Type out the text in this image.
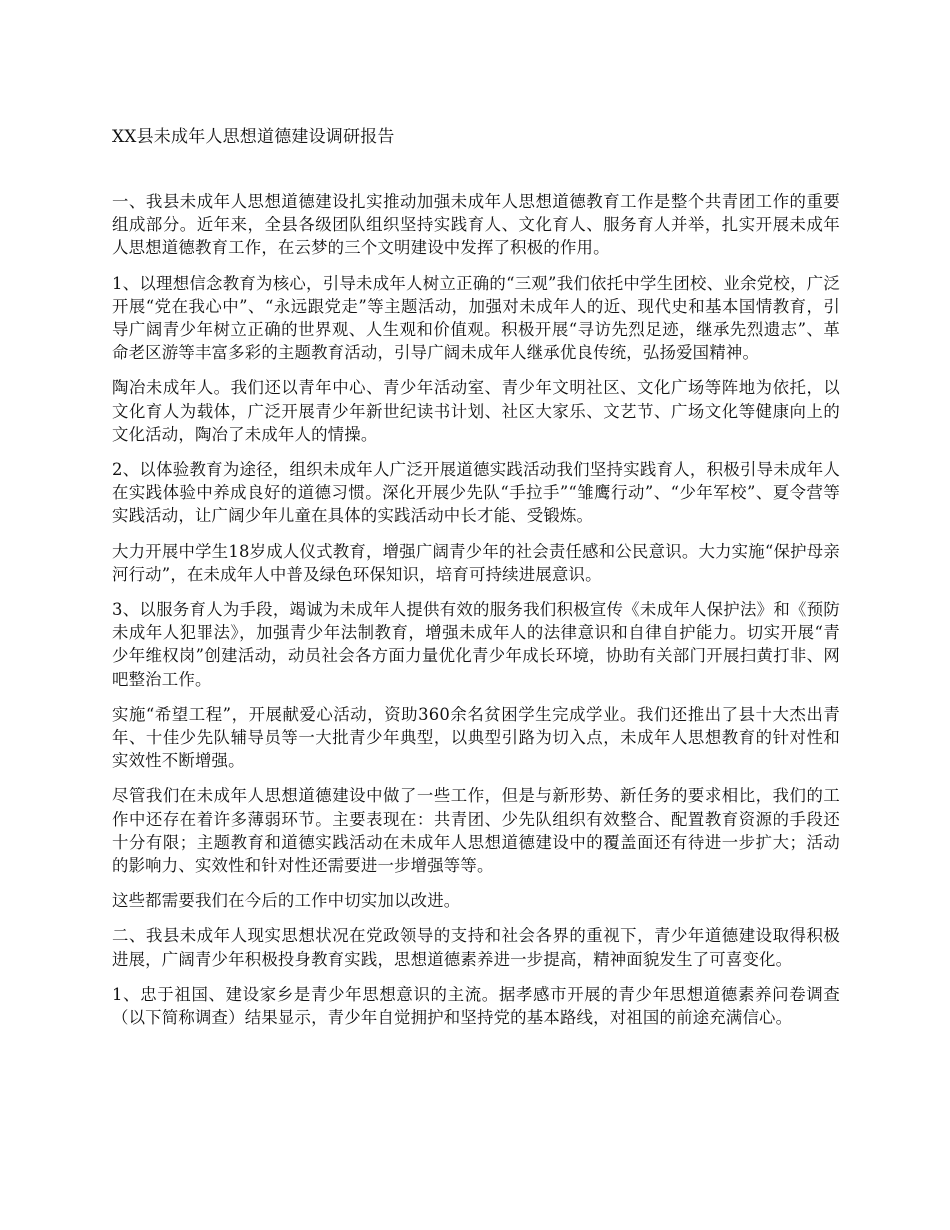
XX县未成年人思想道德建设调研报告

一、我县未成年人思想道德建设扎实推动加强未成年人思想道德教育工作是整个共青团工作的重要组成部分。近年来，全县各级团队组织坚持实践育人、文化育人、服务育人并举，扎实开展未成年人思想道德教育工作，在云梦的三个文明建设中发挥了积极的作用。

1、以理想信念教育为核心，引导未成年人树立正确的“三观”我们依托中学生团校、业余党校，广泛开展“党在我心中”、“永远跟党走”等主题活动，加强对未成年人的近、现代史和基本国情教育，引导广阔青少年树立正确的世界观、人生观和价值观。积极开展“寻访先烈足迹，继承先烈遗志”、革命老区游等丰富多彩的主题教育活动，引导广阔未成年人继承优良传统，弘扬爱国精神。

陶冶未成年人。我们还以青年中心、青少年活动室、青少年文明社区、文化广场等阵地为依托，以文化育人为载体，广泛开展青少年新世纪读书计划、社区大家乐、文艺节、广场文化等健康向上的文化活动，陶冶了未成年人的情操。

2、以体验教育为途径，组织未成年人广泛开展道德实践活动我们坚持实践育人，积极引导未成年人在实践体验中养成良好的道德习惯。深化开展少先队“手拉手”“雏鹰行动”、“少年军校”、夏令营等实践活动，让广阔少年儿童在具体的实践活动中长才能、受锻炼。

大力开展中学生18岁成人仪式教育，增强广阔青少年的社会责任感和公民意识。大力实施“保护母亲河行动”，在未成年人中普及绿色环保知识，培育可持续进展意识。

3、以服务育人为手段，竭诚为未成年人提供有效的服务我们积极宣传《未成年人保护法》和《预防未成年人犯罪法》，加强青少年法制教育，增强未成年人的法律意识和自律自护能力。切实开展“青少年维权岗”创建活动，动员社会各方面力量优化青少年成长环境，协助有关部门开展扫黄打非、网吧整治工作。

实施“希望工程”，开展献爱心活动，资助360余名贫困学生完成学业。我们还推出了县十大杰出青年、十佳少先队辅导员等一大批青少年典型，以典型引路为切入点，未成年人思想教育的针对性和实效性不断增强。

尽管我们在未成年人思想道德建设中做了一些工作，但是与新形势、新任务的要求相比，我们的工作中还存在着许多薄弱环节。主要表现在：共青团、少先队组织有效整合、配置教育资源的手段还十分有限；主题教育和道德实践活动在未成年人思想道德建设中的覆盖面还有待进一步扩大；活动的影响力、实效性和针对性还需要进一步增强等等。

这些都需要我们在今后的工作中切实加以改进。

二、我县未成年人现实思想状况在党政领导的支持和社会各界的重视下，青少年道德建设取得积极进展，广阔青少年积极投身教育实践，思想道德素养进一步提高，精神面貌发生了可喜变化。

1、忠于祖国、建设家乡是青少年思想意识的主流。据孝感市开展的青少年思想道德素养问卷调查（以下简称调查）结果显示，青少年自觉拥护和坚持党的基本路线，对祖国的前途充满信心。
